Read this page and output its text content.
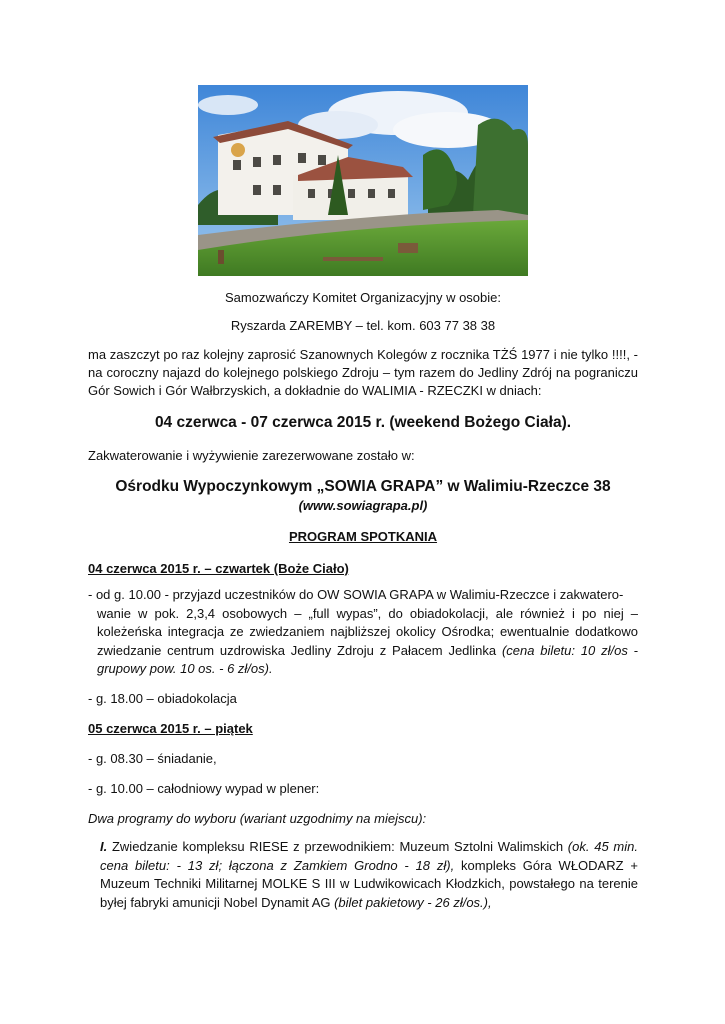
Samozwańczy Komitet Organizacyjny w osobie:
Ryszarda ZAREMBY – tel. kom. 603 77 38 38
ma zaszczyt po raz kolejny zaprosić Szanownych Kolegów z rocznika TŻŚ 1977 i nie tylko !!!!, - na coroczny najazd do kolejnego polskiego Zdroju – tym razem do Jedliny Zdrój na pograniczu Gór Sowich i Gór Wałbrzyskich, a dokładnie do WALIMIA - RZECZKI w dniach:
04 czerwca - 07 czerwca 2015 r. (weekend Bożego Ciała).
Zakwaterowanie i wyżywienie zarezerwowane zostało w:
Ośrodku Wypoczynkowym „SOWIA GRAPA” w Walimiu-Rzeczce 38
(www.sowiagrapa.pl)
PROGRAM SPOTKANIA
04 czerwca 2015 r. – czwartek (Boże Ciało)
- od g. 10.00 - przyjazd uczestników do OW SOWIA GRAPA w Walimiu-Rzeczce i zakwatero-
wanie w pok. 2,3,4 osobowych – „full wypas”, do obiadokolacji, ale również i po niej – koleżeńska integracja ze zwiedzaniem najbliższej okolicy Ośrodka; ewentualnie dodatkowo zwiedzanie centrum uzdrowiska Jedliny Zdroju z Pałacem Jedlinka (cena biletu: 10 zł/os - grupowy pow. 10 os. - 6 zł/os).
- g. 18.00 – obiadokolacja
05 czerwca 2015 r. – piątek
- g. 08.30 – śniadanie,
- g. 10.00 – całodniowy wypad w plener:
Dwa programy do wyboru (wariant uzgodnimy na miejscu):
I. Zwiedzanie kompleksu RIESE z przewodnikiem: Muzeum Sztolni Walimskich (ok. 45 min. cena biletu: - 13 zł; łączona z Zamkiem Grodno - 18 zł), kompleks Góra WŁODARZ + Muzeum Techniki Militarnej MOLKE S III w Ludwikowicach Kłodzkich, powstałego na terenie byłej fabryki amunicji Nobel Dynamit AG (bilet pakietowy - 26 zł/os.),
